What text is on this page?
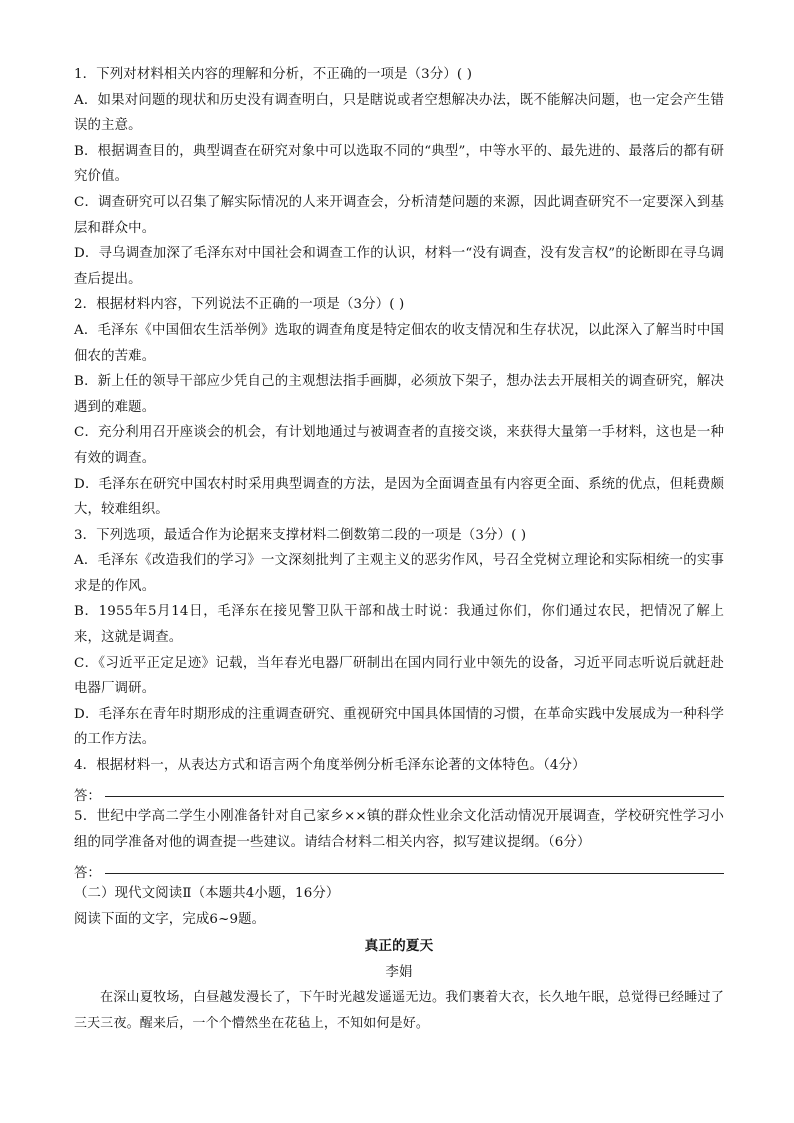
1．下列对材料相关内容的理解和分析，不正确的一项是（3分）( )

A．如果对问题的现状和历史没有调查明白，只是瞎说或者空想解决办法，既不能解决问题，也一定会产生错误的主意。

B．根据调查目的，典型调查在研究对象中可以选取不同的“典型”，中等水平的、最先进的、最落后的都有研究价值。

C．调查研究可以召集了解实际情况的人来开调查会，分析清楚问题的来源，因此调查研究不一定要深入到基层和群众中。

D．寻乌调查加深了毛泽东对中国社会和调查工作的认识，材料一“没有调查，没有发言权”的论断即在寻乌调查后提出。

2．根据材料内容，下列说法不正确的一项是（3分）( )

A．毛泽东《中国佃农生活举例》选取的调查角度是特定佃农的收支情况和生存状况，以此深入了解当时中国佃农的苦难。

B．新上任的领导干部应少凭自己的主观想法指手画脚，必须放下架子，想办法去开展相关的调查研究，解决遇到的难题。

C．充分利用召开座谈会的机会，有计划地通过与被调查者的直接交谈，来获得大量第一手材料，这也是一种有效的调查。

D．毛泽东在研究中国农村时采用典型调查的方法，是因为全面调查虽有内容更全面、系统的优点，但耗费颇大，较难组织。

3．下列选项，最适合作为论据来支撑材料二倒数第二段的一项是（3分）( )

A．毛泽东《改造我们的学习》一文深刻批判了主观主义的恶劣作风，号召全党树立理论和实际相统一的实事求是的作风。

B．1955年5月14日，毛泽东在接见警卫队干部和战士时说：我通过你们，你们通过农民，把情况了解上来，这就是调查。

C．《习近平正定足迹》记载，当年春光电器厂研制出在国内同行业中领先的设备，习近平同志听说后就赶赴电器厂调研。

D．毛泽东在青年时期形成的注重调查研究、重视研究中国具体国情的习惯，在革命实践中发展成为一种科学的工作方法。

4．根据材料一，从表达方式和语言两个角度举例分析毛泽东论著的文体特色。（4分）

答：

5．世纪中学高二学生小刚准备针对自己家乡××镇的群众性业余文化活动情况开展调查，学校研究性学习小组的同学准备对他的调查提一些建议。请结合材料二相关内容，拟写建议提纲。（6分）

答：

（二）现代文阅读Ⅱ（本题共4小题，16分）

阅读下面的文字，完成6~9题。

真正的夏天

李娟

在深山夏牧场，白昼越发漫长了，下午时光越发遥遥无边。我们裹着大衣，长久地午眠，总觉得已经睡过了三天三夜。醒来后，一个个懵然坐在花毡上，不知如何是好。
